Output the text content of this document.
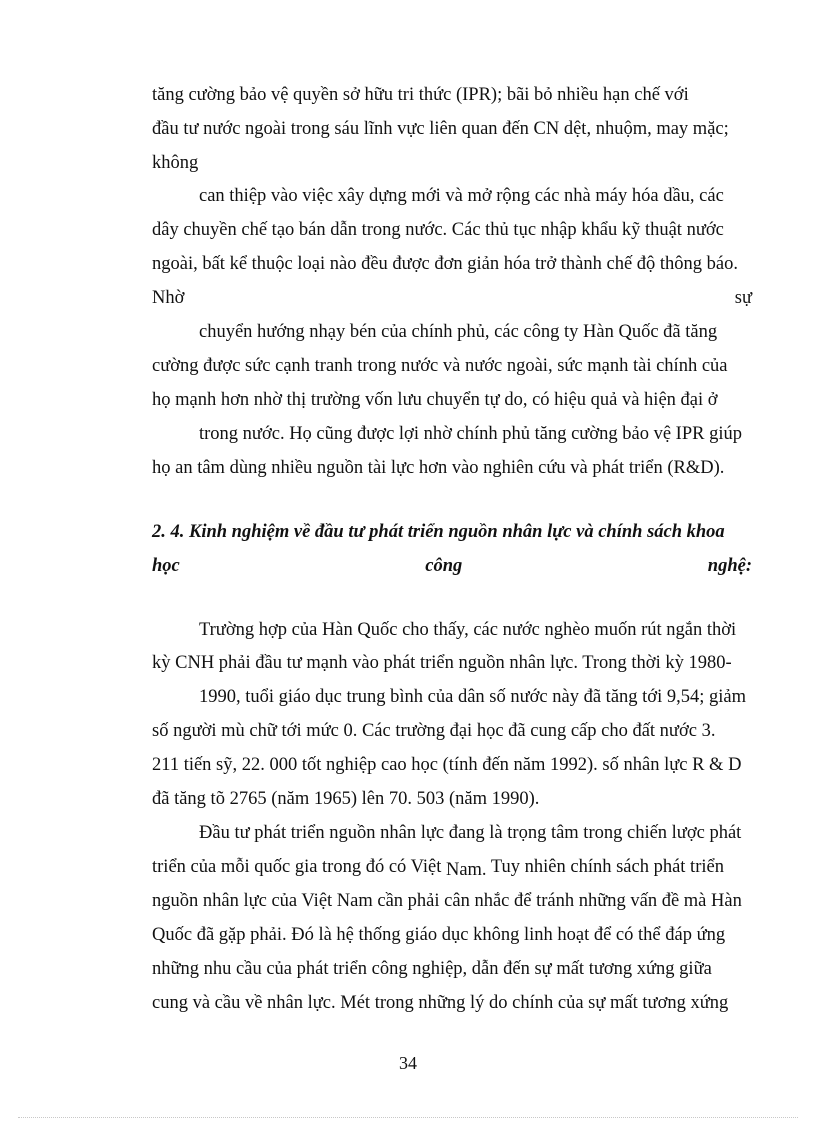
tăng cường bảo vệ quyền sở hữu tri thức (IPR); bãi bỏ nhiều hạn chế với
đầu tư nước ngoài trong sáu lĩnh vực liên quan đến CN dệt, nhuộm, may mặc;
không
can thiệp vào việc xây dựng mới và mở rộng các nhà máy hóa dầu, các
dây chuyền chế tạo bán dẫn trong nước. Các thủ tục nhập khẩu kỹ thuật nước
ngoài, bất kể thuộc loại nào đều được đơn giản hóa trở thành chế độ thông báo.
Nhờ	sự
chuyển hướng nhạy bén của chính phủ, các công ty Hàn Quốc đã tăng
cường được sức cạnh tranh trong nước và nước ngoài, sức mạnh tài chính của
họ mạnh hơn nhờ thị trường vốn lưu chuyển tự do, có hiệu quả và hiện đại ở
trong nước. Họ cũng được lợi nhờ chính phủ tăng cường bảo vệ IPR giúp
họ an tâm dùng nhiều nguồn tài lực hơn vào nghiên cứu và phát triển (R&D).
2. 4. Kinh nghiệm về đầu tư phát triển nguồn nhân lực và chính sách khoa
học	công	nghệ:
Trường hợp của Hàn Quốc cho thấy, các nước nghèo muốn rút ngắn thời
kỳ CNH phải đầu tư mạnh vào phát triển nguồn nhân lực. Trong thời kỳ 1980-
1990, tuổi giáo dục trung bình của dân số nước này đã tăng tới 9,54; giảm
số người mù chữ tới mức 0. Các trường đại học đã cung cấp cho đất nước 3.
211 tiến sỹ, 22. 000 tốt nghiệp cao học (tính đến năm 1992). số nhân lực R & D
đã tăng tõ 2765 (năm 1965) lên 70. 503 (năm 1990).
Đầu tư phát triển nguồn nhân lực đang là trọng tâm trong chiến lược phát
triển của mỗi quốc gia trong đó có Việt Nam. Tuy nhiên chính sách phát triển
nguồn nhân lực của Việt Nam cần phải cân nhắc để tránh những vấn đề mà Hàn
Quốc đã gặp phải. Đó là hệ thống giáo dục không linh hoạt để có thể đáp ứng
những nhu cầu của phát triển công nghiệp, dẫn đến sự mất tương xứng giữa
cung và cầu về nhân lực. Mét trong những lý do chính của sự mất tương xứng
34
